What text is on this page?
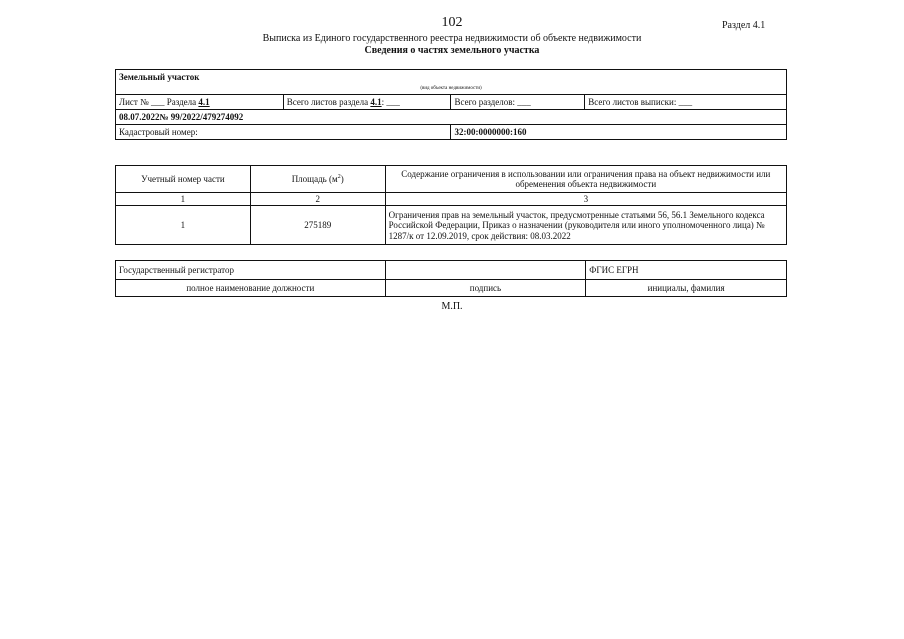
102	Раздел 4.1
Выписка из Единого государственного реестра недвижимости об объекте недвижимости
Сведения о частях земельного участка
Земельный участок			
(вид объекта недвижимости)			
Лист № ___ Раздела 4.1	Всего листов раздела 4.1: ___	Всего разделов: ___	Всего листов выписки: ___
08.07.2022№ 99/2022/479274092			
Кадастровый номер:		32:00:0000000:160	
Учетный номер части	Площадь $(м^2)$	Содержание ограничения в использовании или ограничения права на объект недвижимости или обременения объекта недвижимости
1	2	3
1	275189	Ограничения прав на земельный участок, предусмотренные статьями 56, 56.1 Земельного кодекса Российской Федерации, Приказ о назначении (руководителя или иного уполномоченного лица) № 1287/к от 12.09.2019, срок действия: 08.03.2022
Государственный регистратор		ФГИС ЕГРН
полное наименование должности	подпись	инициалы, фамилия
М.П.
